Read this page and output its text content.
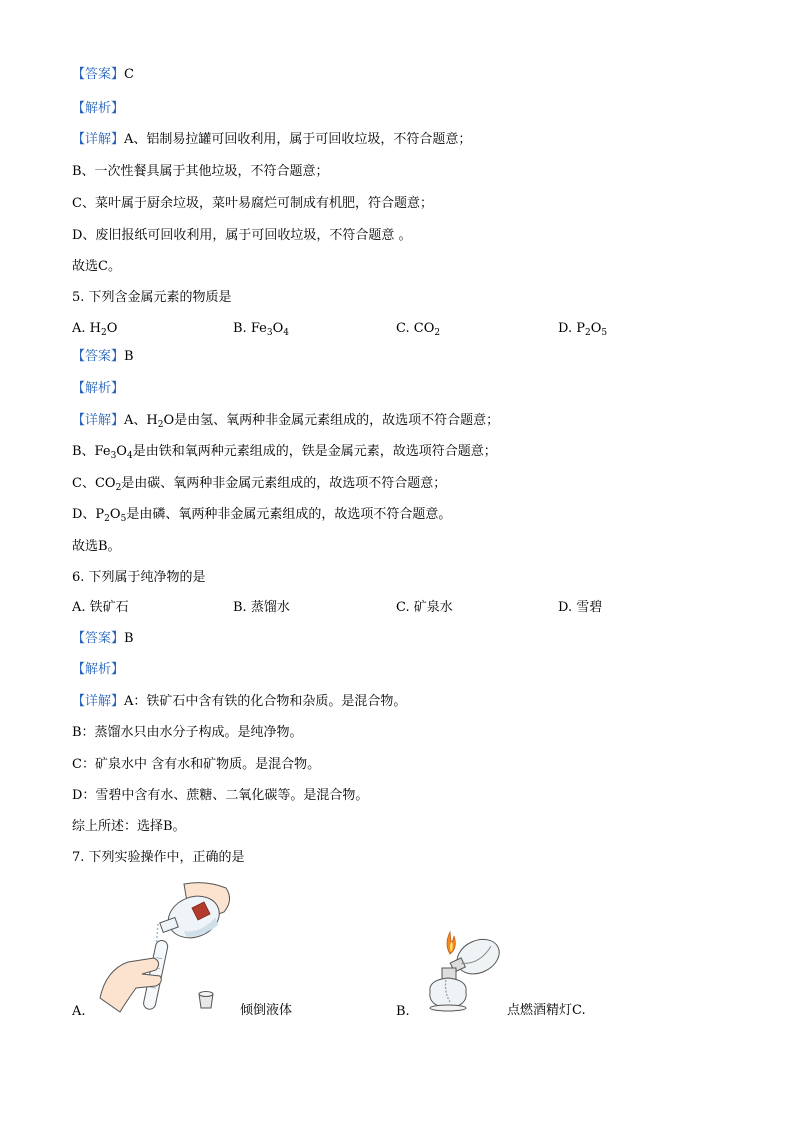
【答案】C
【解析】
【详解】A、铝制易拉罐可回收利用，属于可回收垃圾，不符合题意；
B、一次性餐具属于其他垃圾，不符合题意；
C、菜叶属于厨余垃圾，菜叶易腐烂可制成有机肥，符合题意；
D、废旧报纸可回收利用，属于可回收垃圾，不符合题意 。
故选C。
5. 下列含金属元素的物质是
A. $H_2O$	B. $Fe_3O_4$	C. $CO_2$	D. $P_2O_5$
【答案】B
【解析】
【详解】A、$H_2O$是由氢、氧两种非金属元素组成的，故选项不符合题意；
B、$Fe_3O_4$是由铁和氧两种元素组成的，铁是金属元素，故选项符合题意；
C、$CO_2$是由碳、氧两种非金属元素组成的，故选项不符合题意；
D、$P_2O_5$是由磷、氧两种非金属元素组成的，故选项不符合题意。
故选B。
6. 下列属于纯净物的是
A. 铁矿石	B. 蒸馏水	C. 矿泉水	D. 雪碧
【答案】B
【解析】
【详解】A：铁矿石中含有铁的化合物和杂质。是混合物。
B：蒸馏水只由水分子构成。是纯净物。
C：矿泉水中 含有水和矿物质。是混合物。
D：雪碧中含有水、蔗糖、二氧化碳等。是混合物。
综上所述：选择B。
7. 下列实验操作中，正确的是
A.	倾倒液体	B.	点燃酒精灯C.
